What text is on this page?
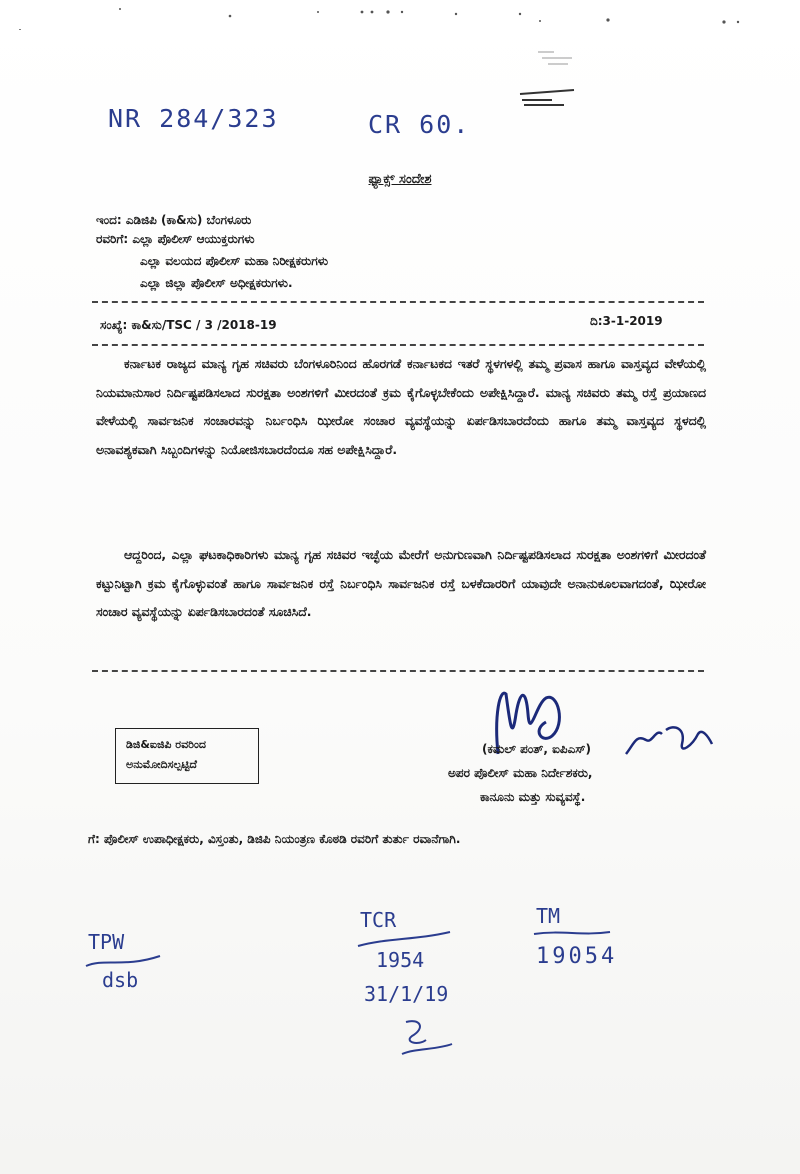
NR 284/323	CR 60.
ಫ್ಯಾಕ್ಸ್ ಸಂದೇಶ
ಇಂದ: ಎಡಿಜಿಪಿ (ಕಾ&ಸು) ಬೆಂಗಳೂರು
ರವರಿಗೆ: ಎಲ್ಲಾ ಪೊಲೀಸ್ ಆಯುಕ್ತರುಗಳು
ಎಲ್ಲಾ ವಲಯದ ಪೊಲೀಸ್ ಮಹಾ ನಿರೀಕ್ಷಕರುಗಳು
ಎಲ್ಲಾ ಜಿಲ್ಲಾ ಪೊಲೀಸ್ ಅಧೀಕ್ಷಕರುಗಳು.
ಸಂಖ್ಯೆ: ಕಾ&ಸು/TSC / 3 /2018-19	ದಿ:3-1-2019

ಕರ್ನಾಟಕ ರಾಜ್ಯದ ಮಾನ್ಯ ಗೃಹ ಸಚಿವರು ಬೆಂಗಳೂರಿನಿಂದ ಹೊರಗಡೆ ಕರ್ನಾಟಕದ ಇತರೆ ಸ್ಥಳಗಳಲ್ಲಿ ತಮ್ಮ ಪ್ರವಾಸ ಹಾಗೂ ವಾಸ್ತವ್ಯದ ವೇಳೆಯಲ್ಲಿ ನಿಯಮಾನುಸಾರ ನಿರ್ದಿಷ್ಟಪಡಿಸಲಾದ ಸುರಕ್ಷತಾ ಅಂಶಗಳಿಗೆ ಮೀರದಂತೆ ಕ್ರಮ ಕೈಗೊಳ್ಳಬೇಕೆಂದು ಅಪೇಕ್ಷಿಸಿದ್ದಾರೆ. ಮಾನ್ಯ ಸಚಿವರು ತಮ್ಮ ರಸ್ತೆ ಪ್ರಯಾಣದ ವೇಳೆಯಲ್ಲಿ ಸಾರ್ವಜನಿಕ ಸಂಚಾರವನ್ನು ನಿರ್ಬಂಧಿಸಿ ಝೀರೋ ಸಂಚಾರ ವ್ಯವಸ್ಥೆಯನ್ನು ಏರ್ಪಡಿಸಬಾರದೆಂದು ಹಾಗೂ ತಮ್ಮ ವಾಸ್ತವ್ಯದ ಸ್ಥಳದಲ್ಲಿ ಅನಾವಶ್ಯಕವಾಗಿ ಸಿಬ್ಬಂದಿಗಳನ್ನು ನಿಯೋಜಿಸಬಾರದೆಂದೂ ಸಹ ಅಪೇಕ್ಷಿಸಿದ್ದಾರೆ.

ಆದ್ದರಿಂದ, ಎಲ್ಲಾ ಘಟಕಾಧಿಕಾರಿಗಳು ಮಾನ್ಯ ಗೃಹ ಸಚಿವರ ಇಚ್ಛೆಯ ಮೇರೆಗೆ ಅನುಗುಣವಾಗಿ ನಿರ್ದಿಷ್ಟಪಡಿಸಲಾದ ಸುರಕ್ಷತಾ ಅಂಶಗಳಿಗೆ ಮೀರದಂತೆ ಕಟ್ಟುನಿಟ್ಟಾಗಿ ಕ್ರಮ ಕೈಗೊಳ್ಳುವಂತೆ ಹಾಗೂ ಸಾರ್ವಜನಿಕ ರಸ್ತೆ ನಿರ್ಬಂಧಿಸಿ ಸಾರ್ವಜನಿಕ ರಸ್ತೆ ಬಳಕೆದಾರರಿಗೆ ಯಾವುದೇ ಅನಾನುಕೂಲವಾಗದಂತೆ, ಝೀರೋ ಸಂಚಾರ ವ್ಯವಸ್ಥೆಯನ್ನು ಏರ್ಪಡಿಸಬಾರದಂತೆ ಸೂಚಿಸಿದೆ.

ಡಿಜಿ&ಐಜಿಪಿ ರವರಿಂದ
ಅನುಮೋದಿಸಲ್ಪಟ್ಟಿದೆ
(ಕಮಲ್ ಪಂತ್, ಐಪಿಎಸ್)
ಅಪರ ಪೊಲೀಸ್ ಮಹಾ ನಿರ್ದೇಶಕರು,
ಕಾನೂನು ಮತ್ತು ಸುವ್ಯವಸ್ಥೆ.
ಗೆ: ಪೊಲೀಸ್ ಉಪಾಧೀಕ್ಷಕರು, ವಿಸ್ತಂತು, ಡಿಜಿಪಿ ನಿಯಂತ್ರಣ ಕೊಠಡಿ ರವರಿಗೆ ತುರ್ತು ರವಾನೆಗಾಗಿ.
TPW
dsb
TCR
1954
31/1/19
TM
19054
